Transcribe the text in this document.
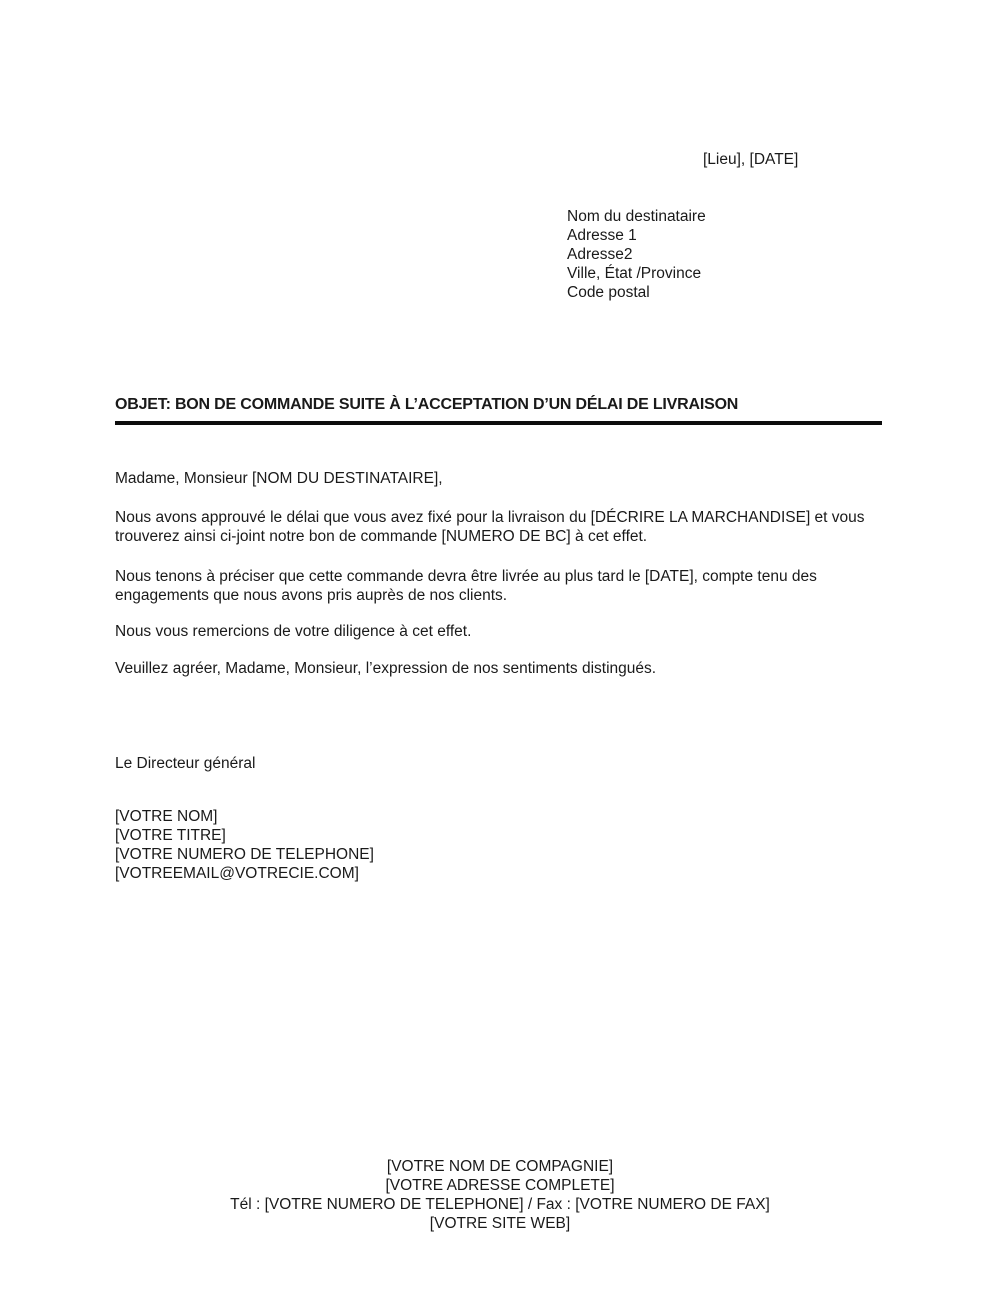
[Lieu], [DATE]
Nom du destinataire
Adresse 1
Adresse2
Ville, État /Province
Code postal
OBJET: BON DE COMMANDE SUITE À L’ACCEPTATION D’UN DÉLAI DE LIVRAISON
Madame, Monsieur [NOM DU DESTINATAIRE],
Nous avons approuvé le délai que vous avez fixé pour la livraison du [DÉCRIRE LA MARCHANDISE] et vous trouverez ainsi ci-joint notre bon de commande [NUMERO DE BC] à cet effet.
Nous tenons à préciser que cette commande devra être livrée au plus tard le [DATE], compte tenu des engagements que nous avons pris auprès de nos clients.
Nous vous remercions de votre diligence à cet effet.
Veuillez agréer, Madame, Monsieur, l’expression de nos sentiments distingués.
Le Directeur général
[VOTRE NOM]
[VOTRE TITRE]
[VOTRE NUMERO DE TELEPHONE]
[VOTREEMAIL@VOTRECIE.COM]
[VOTRE NOM DE COMPAGNIE]
[VOTRE ADRESSE COMPLETE]
Tél : [VOTRE NUMERO DE TELEPHONE] / Fax : [VOTRE NUMERO DE FAX]
[VOTRE SITE WEB]
